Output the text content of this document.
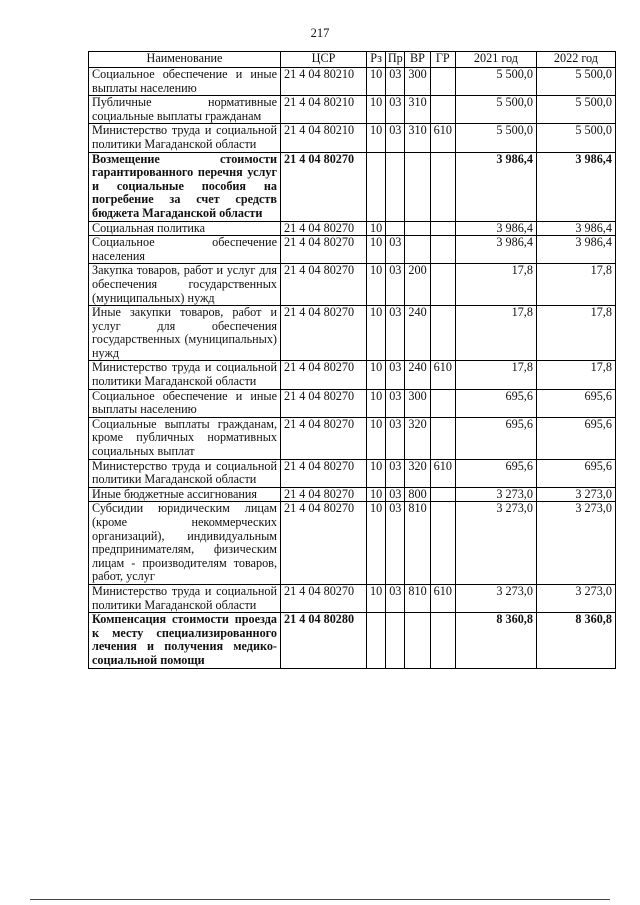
217
Наименование	ЦСР	Рз	Пр	ВР	ГР	2021 год	2022 год
Социальное обеспечение и иные выплаты населению	21 4 04 80210	10	03	300		5 500,0	5 500,0
Публичные нормативные социальные выплаты гражданам	21 4 04 80210	10	03	310		5 500,0	5 500,0
Министерство труда и социальной политики Магаданской области	21 4 04 80210	10	03	310	610	5 500,0	5 500,0
Возмещение стоимости гарантированного перечня услуг и социальные пособия на погребение за счет средств бюджета Магаданской области	21 4 04 80270					3 986,4	3 986,4
Социальная политика	21 4 04 80270	10				3 986,4	3 986,4
Социальное обеспечение населения	21 4 04 80270	10	03			3 986,4	3 986,4
Закупка товаров, работ и услуг для обеспечения государственных (муниципальных) нужд	21 4 04 80270	10	03	200		17,8	17,8
Иные закупки товаров, работ и услуг для обеспечения государственных (муниципальных) нужд	21 4 04 80270	10	03	240		17,8	17,8
Министерство труда и социальной политики Магаданской области	21 4 04 80270	10	03	240	610	17,8	17,8
Социальное обеспечение и иные выплаты населению	21 4 04 80270	10	03	300		695,6	695,6
Социальные выплаты гражданам, кроме публичных нормативных социальных выплат	21 4 04 80270	10	03	320		695,6	695,6
Министерство труда и социальной политики Магаданской области	21 4 04 80270	10	03	320	610	695,6	695,6
Иные бюджетные ассигнования	21 4 04 80270	10	03	800		3 273,0	3 273,0
Субсидии юридическим лицам (кроме некоммерческих организаций), индивидуальным предпринимателям, физическим лицам - производителям товаров, работ, услуг	21 4 04 80270	10	03	810		3 273,0	3 273,0
Министерство труда и социальной политики Магаданской области	21 4 04 80270	10	03	810	610	3 273,0	3 273,0
Компенсация стоимости проезда к месту специализированного лечения и получения медико-социальной помощи	21 4 04 80280					8 360,8	8 360,8
